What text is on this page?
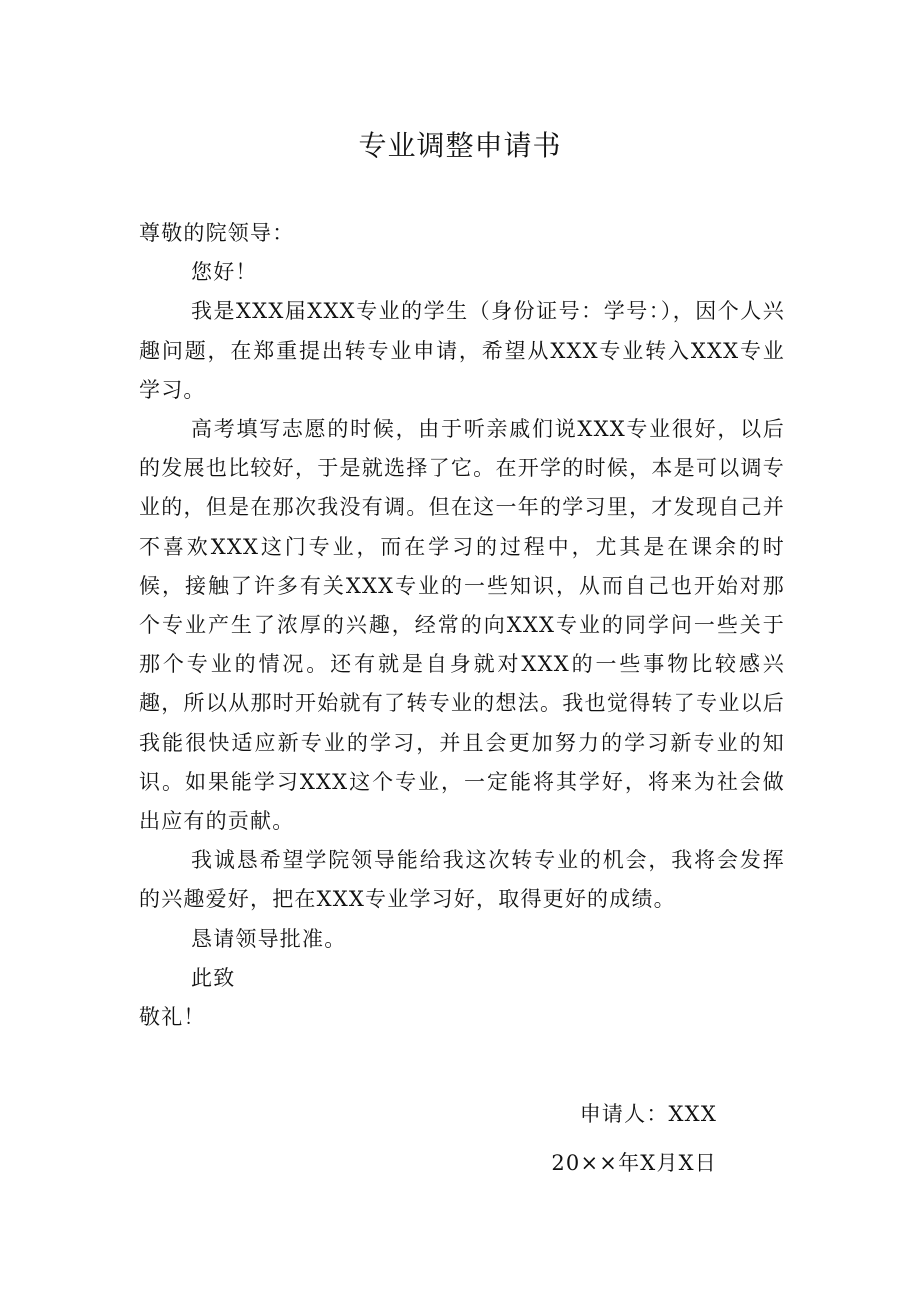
专业调整申请书

尊敬的院领导：

您好！

我是XXX届XXX专业的学生（身份证号：学号：），因个人兴趣问题，在郑重提出转专业申请，希望从XXX专业转入XXX专业学习。

高考填写志愿的时候，由于听亲戚们说XXX专业很好，以后的发展也比较好，于是就选择了它。在开学的时候，本是可以调专业的，但是在那次我没有调。但在这一年的学习里，才发现自己并不喜欢XXX这门专业，而在学习的过程中，尤其是在课余的时候，接触了许多有关XXX专业的一些知识，从而自己也开始对那个专业产生了浓厚的兴趣，经常的向XXX专业的同学问一些关于那个专业的情况。还有就是自身就对XXX的一些事物比较感兴趣，所以从那时开始就有了转专业的想法。我也觉得转了专业以后我能很快适应新专业的学习，并且会更加努力的学习新专业的知识。如果能学习XXX这个专业，一定能将其学好，将来为社会做出应有的贡献。

我诚恳希望学院领导能给我这次转专业的机会，我将会发挥的兴趣爱好，把在XXX专业学习好，取得更好的成绩。

恳请领导批准。

此致

敬礼！

申请人：XXX
20××年X月X日
